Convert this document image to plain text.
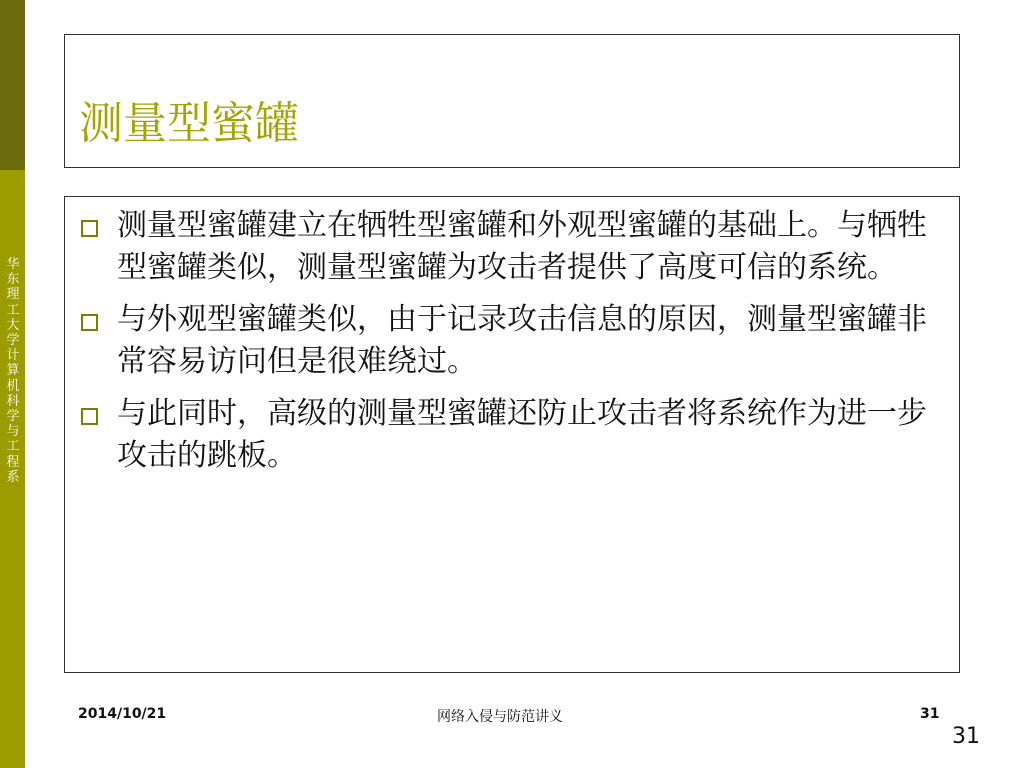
华东理工大学计算机科学与工程系
测量型蜜罐
测量型蜜罐建立在牺牲型蜜罐和外观型蜜罐的基础上。与牺牲型蜜罐类似，测量型蜜罐为攻击者提供了高度可信的系统。
与外观型蜜罐类似，由于记录攻击信息的原因，测量型蜜罐非常容易访问但是很难绕过。
与此同时，高级的测量型蜜罐还防止攻击者将系统作为进一步攻击的跳板。
2014/10/21	网络入侵与防范讲义	31
31
